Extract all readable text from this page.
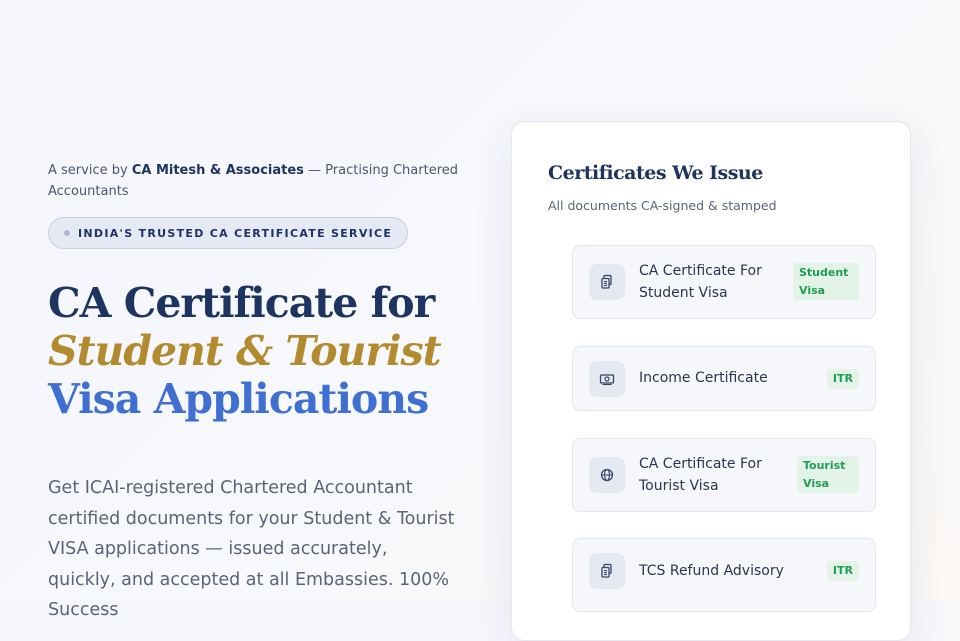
A service by CA Mitesh & Associates — Practising Chartered Accountants

INDIA'S TRUSTED CA CERTIFICATE SERVICE
CA Certificate for
Student & Tourist
Visa Applications

Get ICAI-registered Chartered Accountant certified documents for your Student & Tourist VISA applications — issued accurately, quickly, and accepted at all Embassies. 100% Success

Certificates We Issue

All documents CA-signed & stamped

CA Certificate For Student Visa
Student Visa
Income Certificate	ITR
CA Certificate For Tourist Visa
Tourist Visa
TCS Refund Advisory	ITR
